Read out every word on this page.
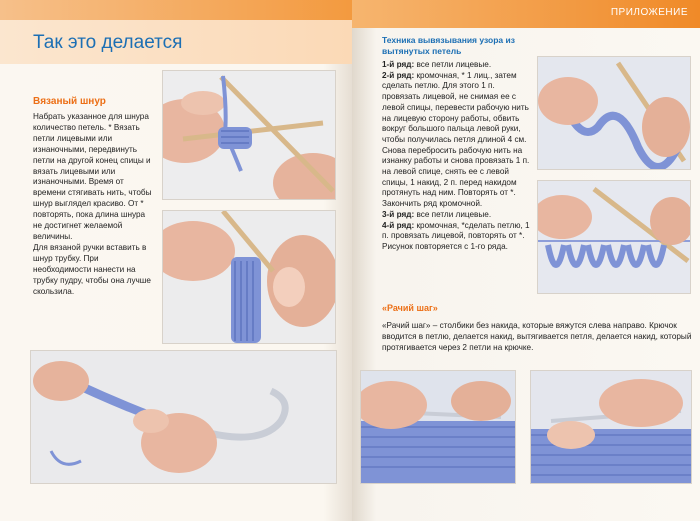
Так это делается
Вязаный шнур

Набрать указанное для шнура количество петель. * Вязать петли лицевыми или изнаночными, передвинуть петли на другой конец спицы и вязать лицевыми или изнаночными. Время от времени стягивать нить, чтобы шнур выглядел красиво. От * повторять, пока длина шнура не достигнет желаемой величины.

Для вязаной ручки вставить в шнур трубку. При необходимости нанести на трубку пудру, чтобы она лучше скользила.

ПРИЛОЖЕНИЕ
Техника вывязывания узора из вытянутых петель

1-й ряд: все петли лицевые.

2-й ряд: кромочная, * 1 лиц., затем сделать петлю. Для этого 1 п. провязать лицевой, не снимая ее с левой спицы, перевести рабочую нить на лицевую сторону работы, обвить вокруг большого пальца левой руки, чтобы получилась петля длиной 4 см. Снова перебросить рабочую нить на изнанку работы и снова провязать 1 п. на левой спице, снять ее с левой спицы, 1 накид, 2 п. перед накидом протянуть над ним. Повторять от *. Закончить ряд кромочной.

3-й ряд: все петли лицевые.

4-й ряд: кромочная, *сделать петлю, 1 п. провязать лицевой, повторять от *.

Рисунок повторяется с 1-го ряда.

«Рачий шаг»
«Рачий шаг» – столбики без накида, которые вяжутся слева направо. Крючок вводится в петлю, делается накид, вытягивается петля, делается накид, который протягивается через 2 петли на крючке.
